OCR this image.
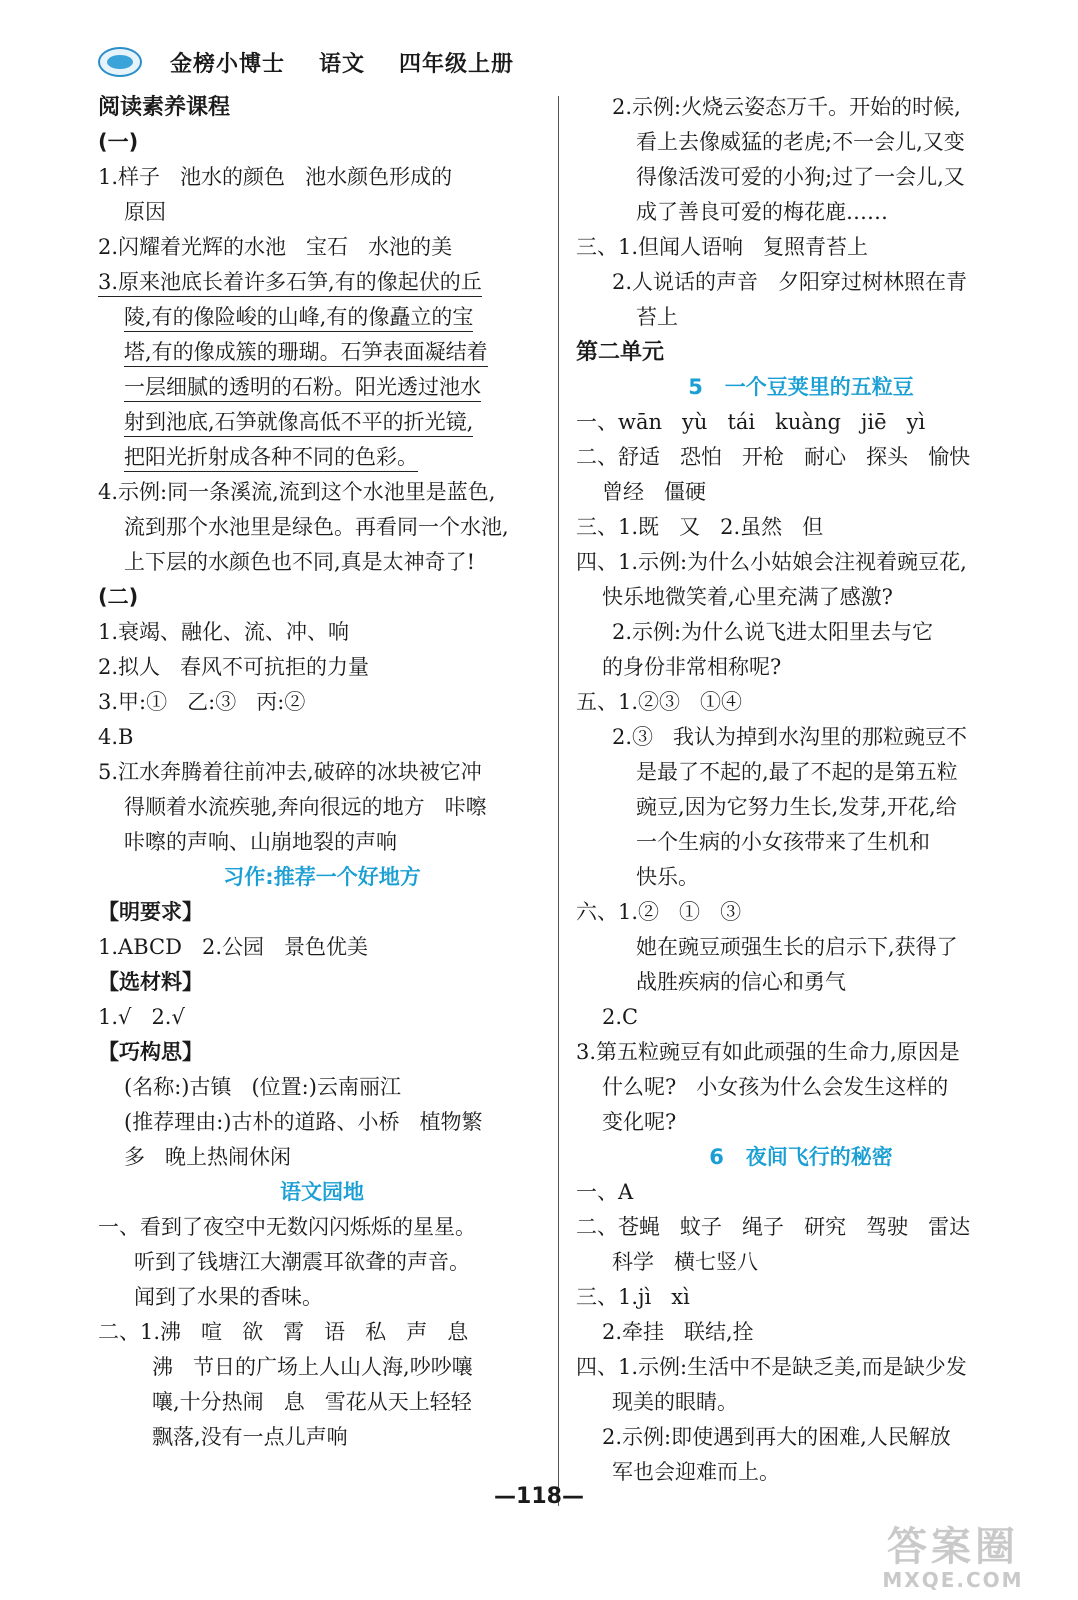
金榜小博士 语文 四年级上册
阅读素养课程
(一)
1.样子   池水的颜色   池水颜色形成的
原因
2.闪耀着光辉的水池   宝石   水池的美
3.原来池底长着许多石笋,有的像起伏的丘
陵,有的像险峻的山峰,有的像矗立的宝
塔,有的像成簇的珊瑚。石笋表面凝结着
一层细腻的透明的石粉。阳光透过池水
射到池底,石笋就像高低不平的折光镜,
把阳光折射成各种不同的色彩。
4.示例:同一条溪流,流到这个水池里是蓝色,
流到那个水池里是绿色。再看同一个水池,
上下层的水颜色也不同,真是太神奇了!
(二)
1.衰竭、融化、流、冲、响
2.拟人   春风不可抗拒的力量
3.甲:①   乙:③   丙:②
4.B
5.江水奔腾着往前冲去,破碎的冰块被它冲
得顺着水流疾驰,奔向很远的地方   咔嚓
咔嚓的声响、山崩地裂的声响
习作:推荐一个好地方
【明要求】
1.ABCD   2.公园   景色优美
【选材料】
1.√   2.√
【巧构思】
(名称:)古镇   (位置:)云南丽江
(推荐理由:)古朴的道路、小桥   植物繁
多   晚上热闹休闲
语文园地
一、看到了夜空中无数闪闪烁烁的星星。
听到了钱塘江大潮震耳欲聋的声音。
闻到了水果的香味。
二、1.沸   喧   欲   霄   语   私   声   息
沸   节日的广场上人山人海,吵吵嚷
嚷,十分热闹   息   雪花从天上轻轻
飘落,没有一点儿声响
2.示例:火烧云姿态万千。开始的时候,
看上去像威猛的老虎;不一会儿,又变
得像活泼可爱的小狗;过了一会儿,又
成了善良可爱的梅花鹿……
三、1.但闻人语响   复照青苔上
2.人说话的声音   夕阳穿过树林照在青
苔上
第二单元
5   一个豆荚里的五粒豆
一、wān   yù   tái   kuàng   jiē   yì
二、舒适   恐怕   开枪   耐心   探头   愉快
曾经   僵硬
三、1.既   又   2.虽然   但
四、1.示例:为什么小姑娘会注视着豌豆花,
快乐地微笑着,心里充满了感激?
2.示例:为什么说飞进太阳里去与它
的身份非常相称呢?
五、1.②③   ①④
2.③   我认为掉到水沟里的那粒豌豆不
是最了不起的,最了不起的是第五粒
豌豆,因为它努力生长,发芽,开花,给
一个生病的小女孩带来了生机和
快乐。
六、1.②   ①   ③
她在豌豆顽强生长的启示下,获得了
战胜疾病的信心和勇气
2.C
3.第五粒豌豆有如此顽强的生命力,原因是
什么呢?   小女孩为什么会发生这样的
变化呢?
6   夜间飞行的秘密
一、A
二、苍蝇   蚊子   绳子   研究   驾驶   雷达
科学   横七竖八
三、1.jì   xì
2.牵挂   联结,拴
四、1.示例:生活中不是缺乏美,而是缺少发
现美的眼睛。
2.示例:即使遇到再大的困难,人民解放
军也会迎难而上。
—118—
答案圈
MXQE.COM
